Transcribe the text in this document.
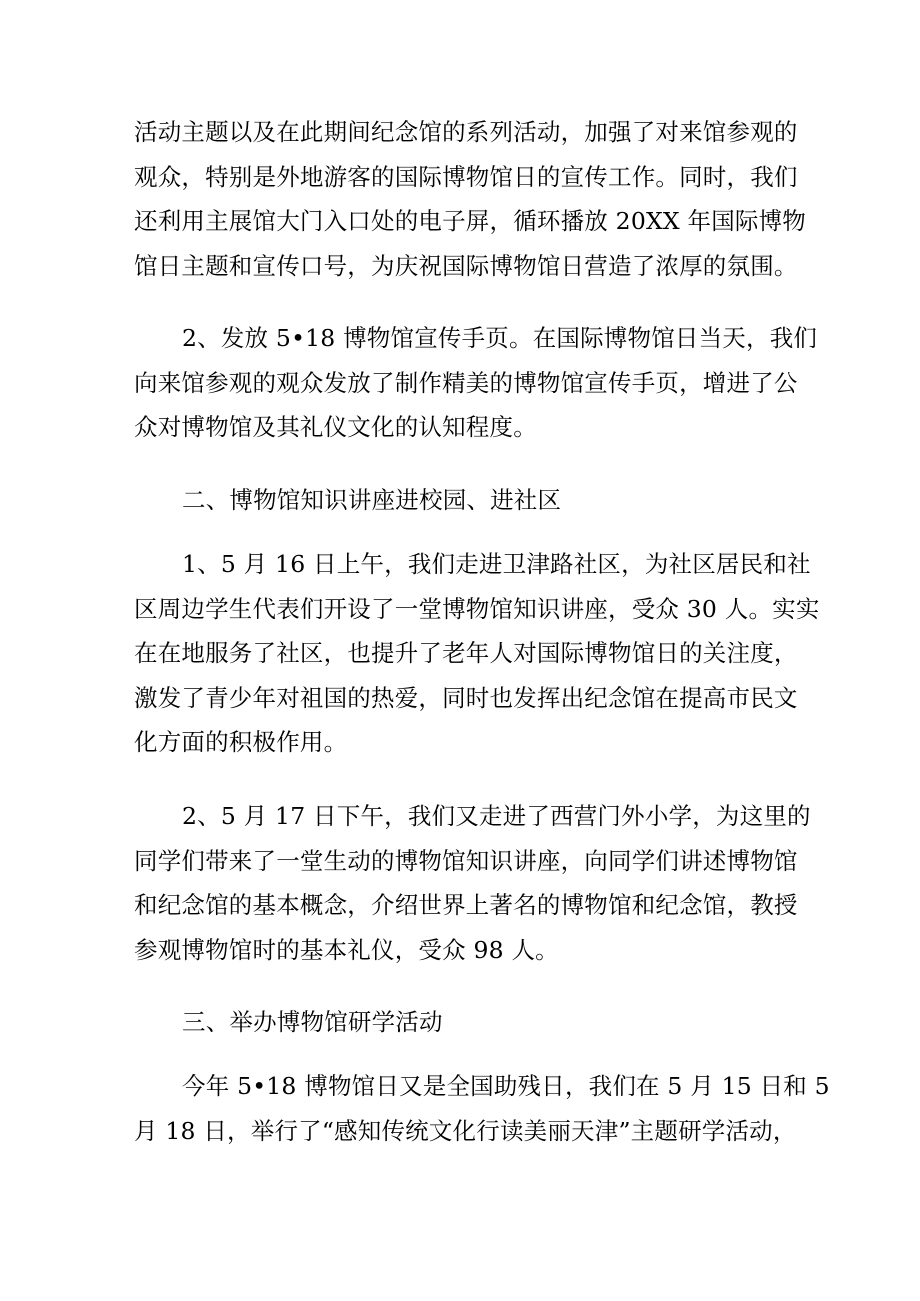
活动主题以及在此期间纪念馆的系列活动，加强了对来馆参观的
观众，特别是外地游客的国际博物馆日的宣传工作。同时，我们
还利用主展馆大门入口处的电子屏，循环播放 20XX 年国际博物
馆日主题和宣传口号，为庆祝国际博物馆日营造了浓厚的氛围。

2、发放 5•18 博物馆宣传手页。在国际博物馆日当天，我们
向来馆参观的观众发放了制作精美的博物馆宣传手页，增进了公
众对博物馆及其礼仪文化的认知程度。

二、博物馆知识讲座进校园、进社区

1、5 月 16 日上午，我们走进卫津路社区，为社区居民和社
区周边学生代表们开设了一堂博物馆知识讲座，受众 30 人。实实
在在地服务了社区，也提升了老年人对国际博物馆日的关注度，
激发了青少年对祖国的热爱，同时也发挥出纪念馆在提高市民文
化方面的积极作用。

2、5 月 17 日下午，我们又走进了西营门外小学，为这里的
同学们带来了一堂生动的博物馆知识讲座，向同学们讲述博物馆
和纪念馆的基本概念，介绍世界上著名的博物馆和纪念馆，教授
参观博物馆时的基本礼仪，受众 98 人。

三、举办博物馆研学活动

今年 5•18 博物馆日又是全国助残日，我们在 5 月 15 日和 5
月 18 日，举行了“感知传统文化行读美丽天津”主题研学活动，
